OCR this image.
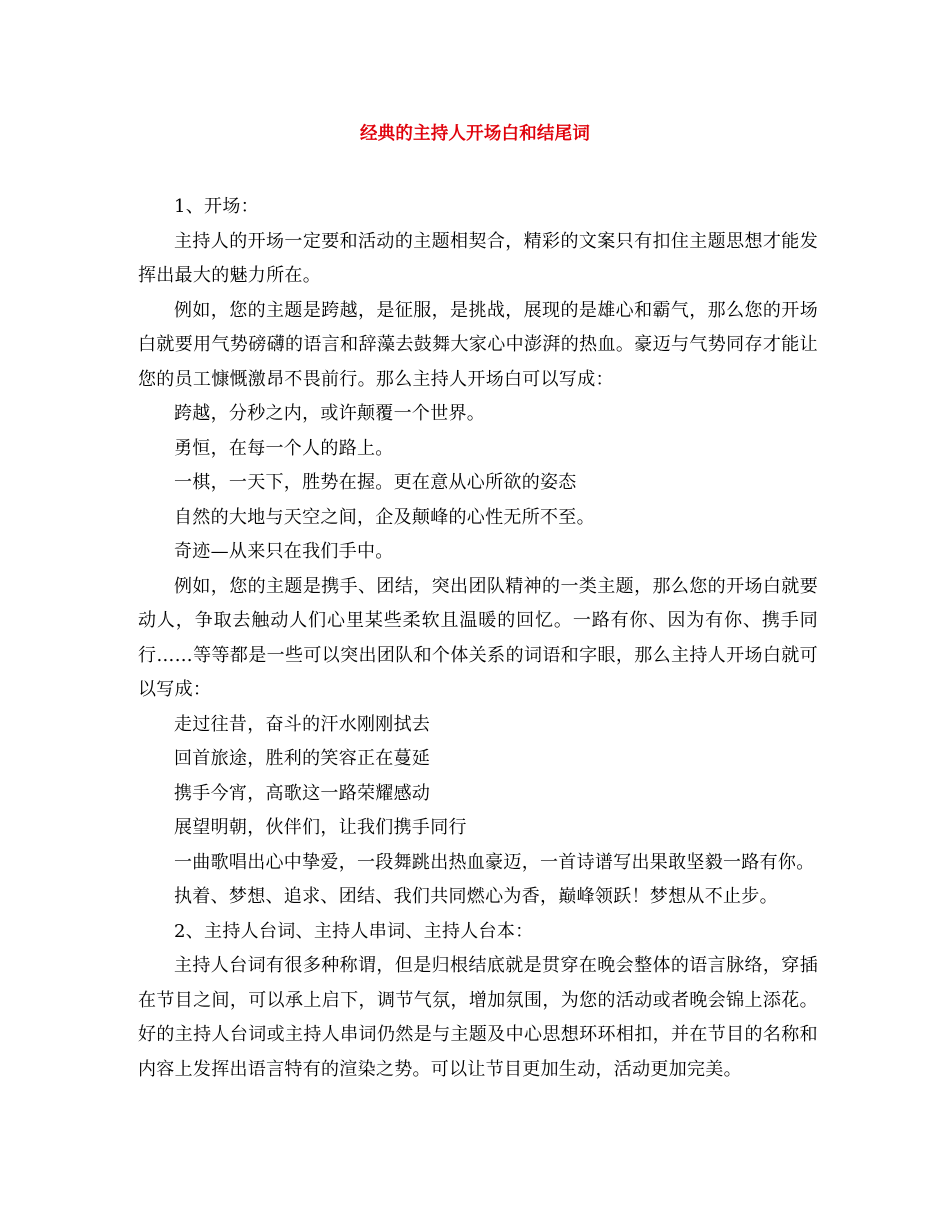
经典的主持人开场白和结尾词

1、开场：

主持人的开场一定要和活动的主题相契合，精彩的文案只有扣住主题思想才能发挥出最大的魅力所在。

例如，您的主题是跨越，是征服，是挑战，展现的是雄心和霸气，那么您的开场白就要用气势磅礴的语言和辞藻去鼓舞大家心中澎湃的热血。豪迈与气势同存才能让您的员工慷慨激昂不畏前行。那么主持人开场白可以写成：

跨越，分秒之内，或许颠覆一个世界。

勇恒，在每一个人的路上。

一棋，一天下，胜势在握。更在意从心所欲的姿态

自然的大地与天空之间，企及颠峰的心性无所不至。

奇迹—从来只在我们手中。

例如，您的主题是携手、团结，突出团队精神的一类主题，那么您的开场白就要动人，争取去触动人们心里某些柔软且温暖的回忆。一路有你、因为有你、携手同行……等等都是一些可以突出团队和个体关系的词语和字眼，那么主持人开场白就可以写成：

走过往昔，奋斗的汗水刚刚拭去

回首旅途，胜利的笑容正在蔓延

携手今宵，高歌这一路荣耀感动

展望明朝，伙伴们，让我们携手同行

一曲歌唱出心中挚爱，一段舞跳出热血豪迈，一首诗谱写出果敢坚毅一路有你。

执着、梦想、追求、团结、我们共同燃心为香，巅峰领跃！梦想从不止步。

2、主持人台词、主持人串词、主持人台本：

主持人台词有很多种称谓，但是归根结底就是贯穿在晚会整体的语言脉络，穿插在节目之间，可以承上启下，调节气氛，增加氛围，为您的活动或者晚会锦上添花。好的主持人台词或主持人串词仍然是与主题及中心思想环环相扣，并在节目的名称和内容上发挥出语言特有的渲染之势。可以让节目更加生动，活动更加完美。
